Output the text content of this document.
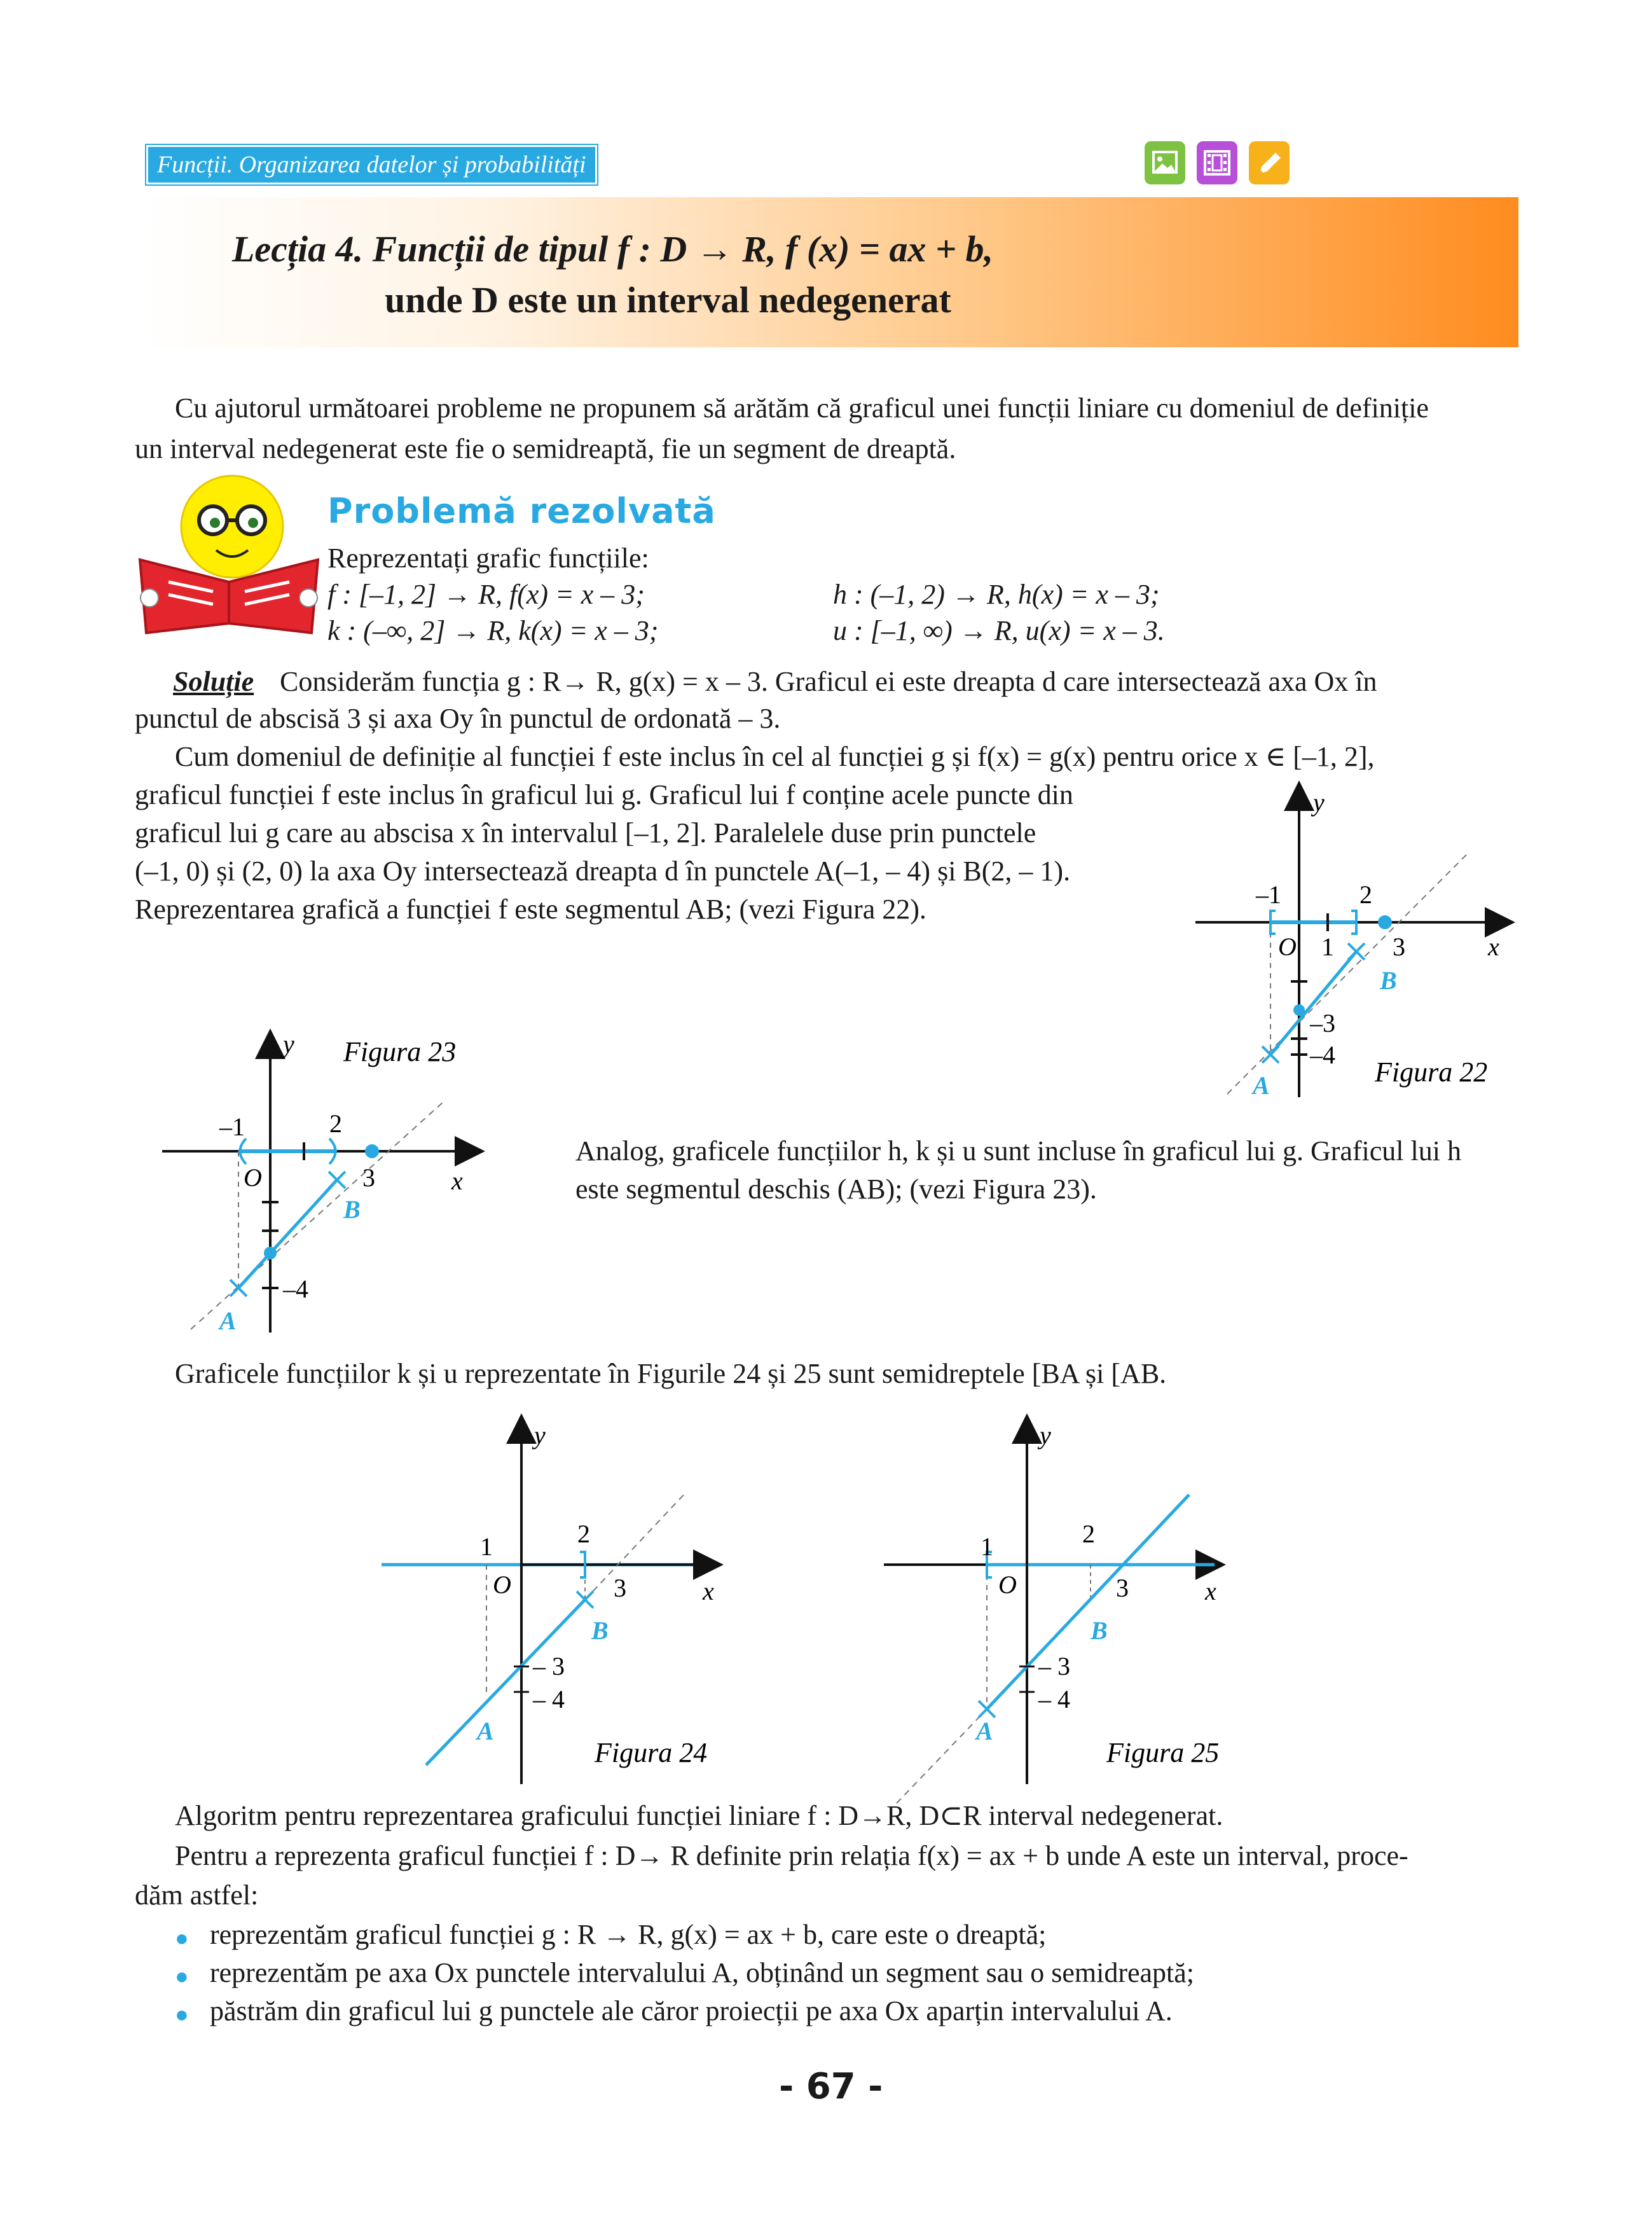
Funcții. Organizarea datelor și probabilități
Lecția 4. Funcții de tipul f : D → R, f (x) = ax + b,
unde D este un interval nedegenerat
Cu ajutorul următoarei probleme ne propunem să arătăm că graficul unei funcții liniare cu domeniul de definiție
un interval nedegenerat este fie o semidreaptă, fie un segment de dreaptă.
Problemă rezolvată
Reprezentați grafic funcțiile:
f : [–1, 2] → R, f(x) = x – 3;	h : (–1, 2) → R, h(x) = x – 3;
k : (–∞, 2] → R, k(x) = x – 3;	u : [–1, ∞) → R, u(x) = x – 3.
Soluție Considerăm funcția g : R→ R, g(x) = x – 3. Graficul ei este dreapta d care intersectează axa Ox în
punctul de abscisă 3 și axa Oy în punctul de ordonată – 3.
Cum domeniul de definiție al funcției f este inclus în cel al funcției g și f(x) = g(x) pentru orice x ∈ [–1, 2],
graficul funcției f este inclus în graficul lui g. Graficul lui f conține acele puncte din
graficul lui g care au abscisa x în intervalul [–1, 2]. Paralelele duse prin punctele
(–1, 0) și (2, 0) la axa Oy intersectează dreapta d în punctele A(–1, – 4) și B(2, – 1).
Reprezentarea grafică a funcției f este segmentul AB; (vezi Figura 22).
y
x
O
–1
1
2
3
–3
–4
A
B
Figura 22
y
x
O
–1	2
3
–4
A
B
Figura 23
Analog, graficele funcțiilor h, k și u sunt incluse în graficul lui g. Graficul lui h
este segmentul deschis (AB); (vezi Figura 23).
Graficele funcțiilor k și u reprezentate în Figurile 24 și 25 sunt semidreptele [BA și [AB.
y
x
O
1	2
3
– 3
– 4
A
B
Figura 24
y
x
O
1	2
3
– 3
– 4
A
B
Figura 25
Algoritm pentru reprezentarea graficului funcției liniare f : D→R, D⊂R interval nedegenerat.
Pentru a reprezenta graficul funcției f : D→ R definite prin relația f(x) = ax + b unde A este un interval, proce-
dăm astfel:
● reprezentăm graficul funcției g : R → R, g(x) = ax + b, care este o dreaptă;
● reprezentăm pe axa Ox punctele intervalului A, obținând un segment sau o semidreaptă;
● păstrăm din graficul lui g punctele ale căror proiecții pe axa Ox aparțin intervalului A.
- 67 -
